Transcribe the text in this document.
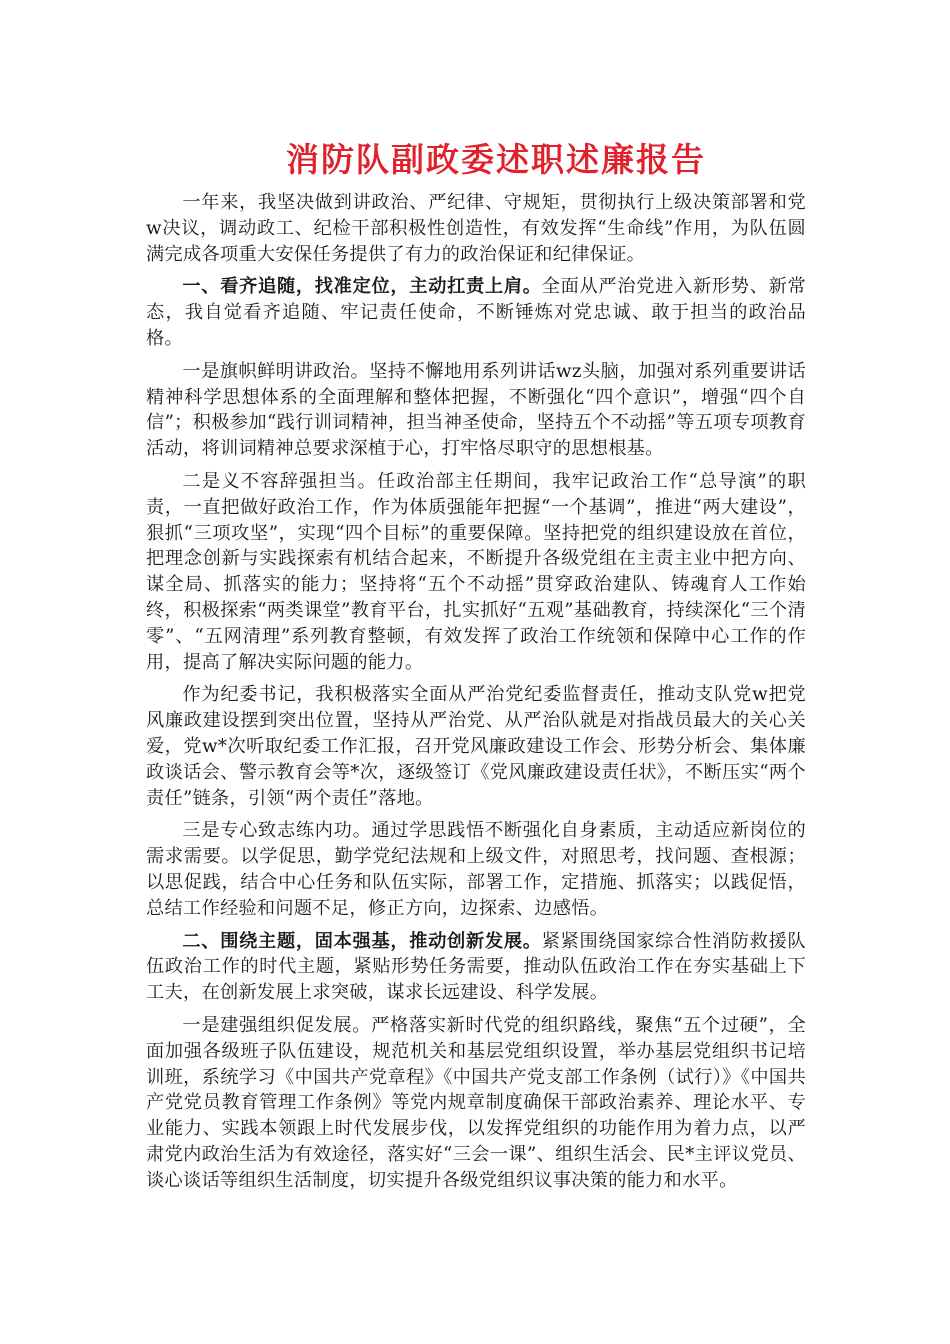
消防队副政委述职述廉报告

一年来，我坚决做到讲政治、严纪律、守规矩，贯彻执行上级决策部署和党w决议，调动政工、纪检干部积极性创造性，有效发挥“生命线”作用，为队伍圆满完成各项重大安保任务提供了有力的政治保证和纪律保证。

一、看齐追随，找准定位，主动扛责上肩。全面从严治党进入新形势、新常态，我自觉看齐追随、牢记责任使命，不断锤炼对党忠诚、敢于担当的政治品格。

一是旗帜鲜明讲政治。坚持不懈地用系列讲话wz头脑，加强对系列重要讲话精神科学思想体系的全面理解和整体把握，不断强化“四个意识”，增强“四个自信”；积极参加“践行训词精神，担当神圣使命，坚持五个不动摇”等五项专项教育活动，将训词精神总要求深植于心，打牢恪尽职守的思想根基。

二是义不容辞强担当。任政治部主任期间，我牢记政治工作“总导演”的职责，一直把做好政治工作，作为体质强能年把握“一个基调”，推进“两大建设”，狠抓“三项攻坚”，实现“四个目标”的重要保障。坚持把党的组织建设放在首位，把理念创新与实践探索有机结合起来，不断提升各级党组在主责主业中把方向、谋全局、抓落实的能力；坚持将“五个不动摇”贯穿政治建队、铸魂育人工作始终，积极探索“两类课堂”教育平台，扎实抓好“五观”基础教育，持续深化“三个清零”、“五网清理”系列教育整顿，有效发挥了政治工作统领和保障中心工作的作用，提高了解决实际问题的能力。

作为纪委书记，我积极落实全面从严治党纪委监督责任，推动支队党w把党风廉政建设摆到突出位置，坚持从严治党、从严治队就是对指战员最大的关心关爱，党w*次听取纪委工作汇报，召开党风廉政建设工作会、形势分析会、集体廉政谈话会、警示教育会等*次，逐级签订《党风廉政建设责任状》，不断压实“两个责任”链条，引领“两个责任”落地。

三是专心致志练内功。通过学思践悟不断强化自身素质，主动适应新岗位的需求需要。以学促思，勤学党纪法规和上级文件，对照思考，找问题、查根源；以思促践，结合中心任务和队伍实际，部署工作，定措施、抓落实；以践促悟，总结工作经验和问题不足，修正方向，边探索、边感悟。

二、围绕主题，固本强基，推动创新发展。紧紧围绕国家综合性消防救援队伍政治工作的时代主题，紧贴形势任务需要，推动队伍政治工作在夯实基础上下工夫，在创新发展上求突破，谋求长远建设、科学发展。

一是建强组织促发展。严格落实新时代党的组织路线，聚焦“五个过硬”，全面加强各级班子队伍建设，规范机关和基层党组织设置，举办基层党组织书记培训班，系统学习《中国共产党章程》《中国共产党支部工作条例（试行）》《中国共产党党员教育管理工作条例》等党内规章制度确保干部政治素养、理论水平、专业能力、实践本领跟上时代发展步伐，以发挥党组织的功能作用为着力点，以严肃党内政治生活为有效途径，落实好“三会一课”、组织生活会、民*主评议党员、谈心谈话等组织生活制度，切实提升各级党组织议事决策的能力和水平。
